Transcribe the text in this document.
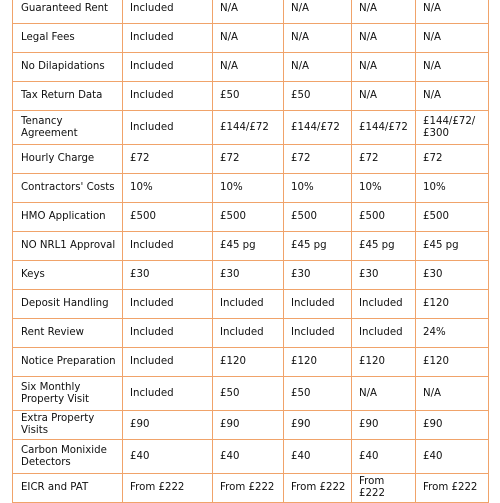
Guaranteed Rent	Included	N/A	N/A	N/A	N/A
Legal Fees	Included	N/A	N/A	N/A	N/A
No Dilapidations	Included	N/A	N/A	N/A	N/A
Tax Return Data	Included	£50	£50	N/A	N/A
Tenancy Agreement	Included	£144/£72	£144/£72	£144/£72	£144/£72/ £300
Hourly Charge	£72	£72	£72	£72	£72
Contractors' Costs	10%	10%	10%	10%	10%
HMO Application	£500	£500	£500	£500	£500
NO NRL1 Approval	Included	£45 pg	£45 pg	£45 pg	£45 pg
Keys	£30	£30	£30	£30	£30
Deposit Handling	Included	Included	Included	Included	£120
Rent Review	Included	Included	Included	Included	24%
Notice Preparation	Included	£120	£120	£120	£120
Six Monthly Property Visit	Included	£50	£50	N/A	N/A
Extra Property Visits	£90	£90	£90	£90	£90
Carbon Monixide Detectors	£40	£40	£40	£40	£40
EICR and PAT	From £222	From £222	From £222	From £222	From £222
